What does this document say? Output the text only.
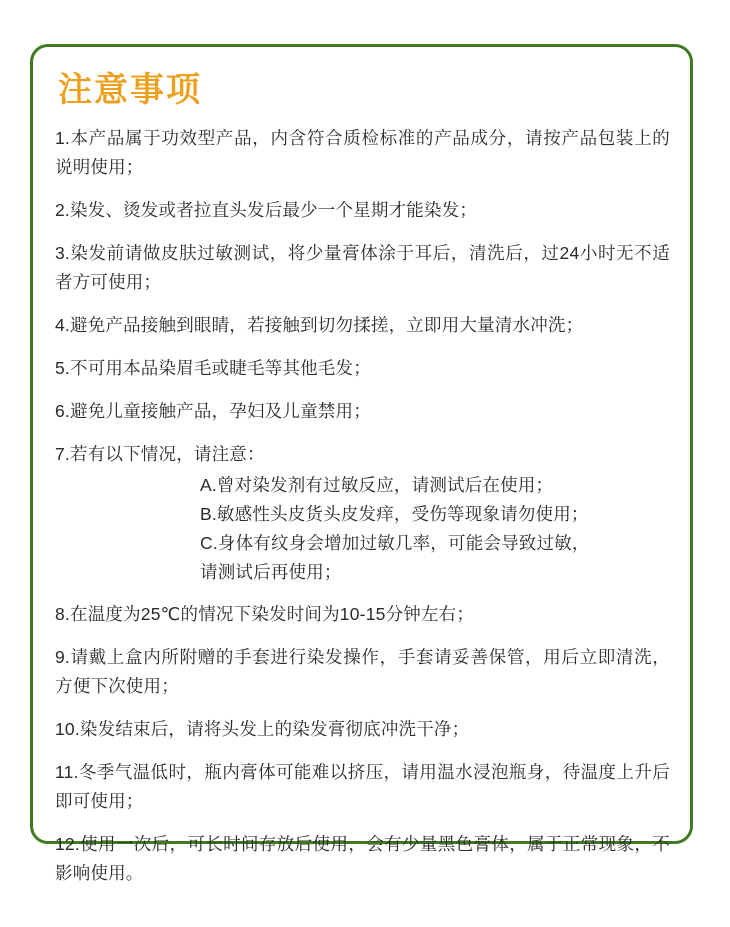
注意事项
1.本产品属于功效型产品，内含符合质检标准的产品成分，请按产品包装上的说明使用；
2.染发、烫发或者拉直头发后最少一个星期才能染发；
3.染发前请做皮肤过敏测试，将少量膏体涂于耳后，清洗后，过24小时无不适者方可使用；
4.避免产品接触到眼睛，若接触到切勿揉搓，立即用大量清水冲洗；
5.不可用本品染眉毛或睫毛等其他毛发；
6.避免儿童接触产品，孕妇及儿童禁用；
7.若有以下情况，请注意：
A.曾对染发剂有过敏反应，请测试后在使用；
B.敏感性头皮货头皮发痒，受伤等现象请勿使用；
C.身体有纹身会增加过敏几率，可能会导致过敏，
请测试后再使用；
8.在温度为25℃的情况下染发时间为10-15分钟左右；
9.请戴上盒内所附赠的手套进行染发操作，手套请妥善保管，用后立即清洗，方便下次使用；
10.染发结束后，请将头发上的染发膏彻底冲洗干净；
11.冬季气温低时，瓶内膏体可能难以挤压，请用温水浸泡瓶身，待温度上升后即可使用；
12.使用一次后，可长时间存放后使用，会有少量黑色膏体，属于正常现象，不影响使用。
